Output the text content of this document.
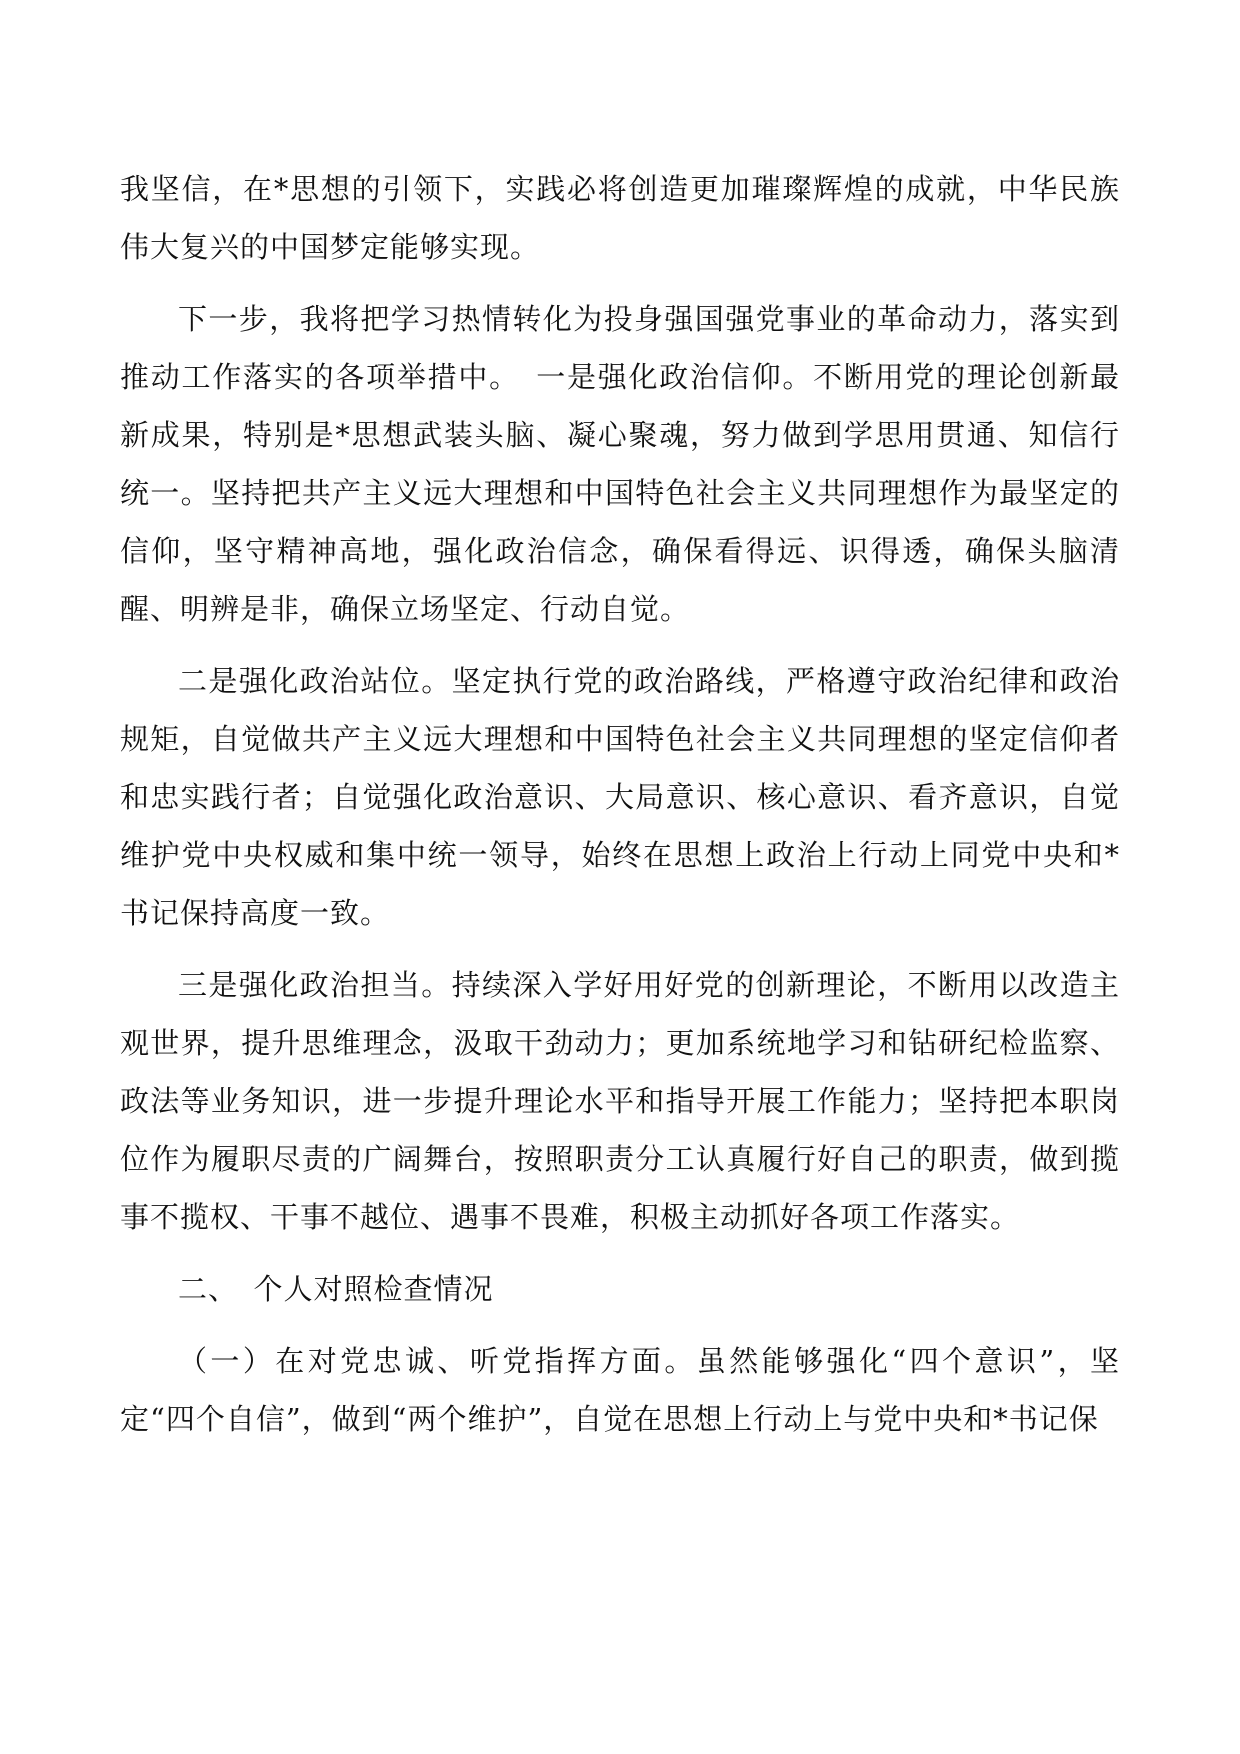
我坚信，在*思想的引领下，实践必将创造更加璀璨辉煌的成就，中华民族伟大复兴的中国梦定能够实现。

下一步，我将把学习热情转化为投身强国强党事业的革命动力，落实到推动工作落实的各项举措中。　一是强化政治信仰。不断用党的理论创新最新成果，特别是*思想武装头脑、凝心聚魂，努力做到学思用贯通、知信行统一。坚持把共产主义远大理想和中国特色社会主义共同理想作为最坚定的信仰，坚守精神高地，强化政治信念，确保看得远、识得透，确保头脑清醒、明辨是非，确保立场坚定、行动自觉。

二是强化政治站位。坚定执行党的政治路线，严格遵守政治纪律和政治规矩，自觉做共产主义远大理想和中国特色社会主义共同理想的坚定信仰者和忠实践行者；自觉强化政治意识、大局意识、核心意识、看齐意识，自觉维护党中央权威和集中统一领导，始终在思想上政治上行动上同党中央和*书记保持高度一致。

三是强化政治担当。持续深入学好用好党的创新理论，不断用以改造主观世界，提升思维理念，汲取干劲动力；更加系统地学习和钻研纪检监察、政法等业务知识，进一步提升理论水平和指导开展工作能力；坚持把本职岗位作为履职尽责的广阔舞台，按照职责分工认真履行好自己的职责，做到揽事不揽权、干事不越位、遇事不畏难，积极主动抓好各项工作落实。

二、　个人对照检查情况

（一）在对党忠诚、听党指挥方面。虽然能够强化“四个意识”，坚定“四个自信”，做到“两个维护”，自觉在思想上行动上与党中央和*书记保
